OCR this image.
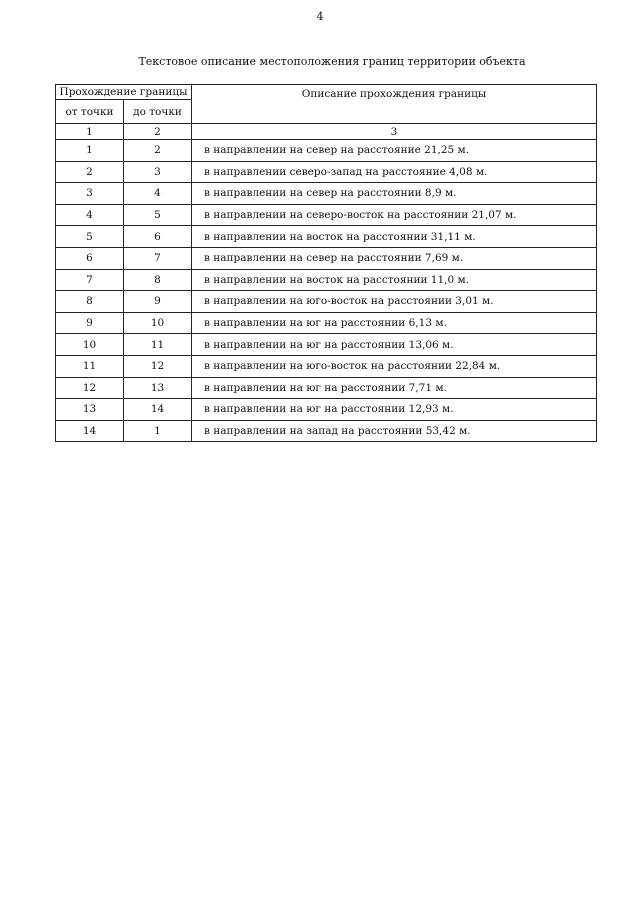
4
Текстовое описание местоположения границ территории объекта
Прохождение границы		Описание прохождения границы
от точки	до точки	
1	2	3
1	2	в направлении на север на расстояние 21,25 м.
2	3	в направлении северо-запад на расстояние 4,08 м.
3	4	в направлении на север на расстоянии 8,9 м.
4	5	в направлении на северо-восток на расстоянии 21,07 м.
5	6	в направлении на восток на расстоянии 31,11 м.
6	7	в направлении на север на расстоянии 7,69 м.
7	8	в направлении на восток на расстоянии 11,0 м.
8	9	в направлении на юго-восток на расстоянии 3,01 м.
9	10	в направлении на юг на расстоянии 6,13 м.
10	11	в направлении на юг на расстоянии 13,06 м.
11	12	в направлении на юго-восток на расстоянии 22,84 м.
12	13	в направлении на юг на расстоянии 7,71 м.
13	14	в направлении на юг на расстоянии 12,93 м.
14	1	в направлении на запад на расстоянии 53,42 м.
